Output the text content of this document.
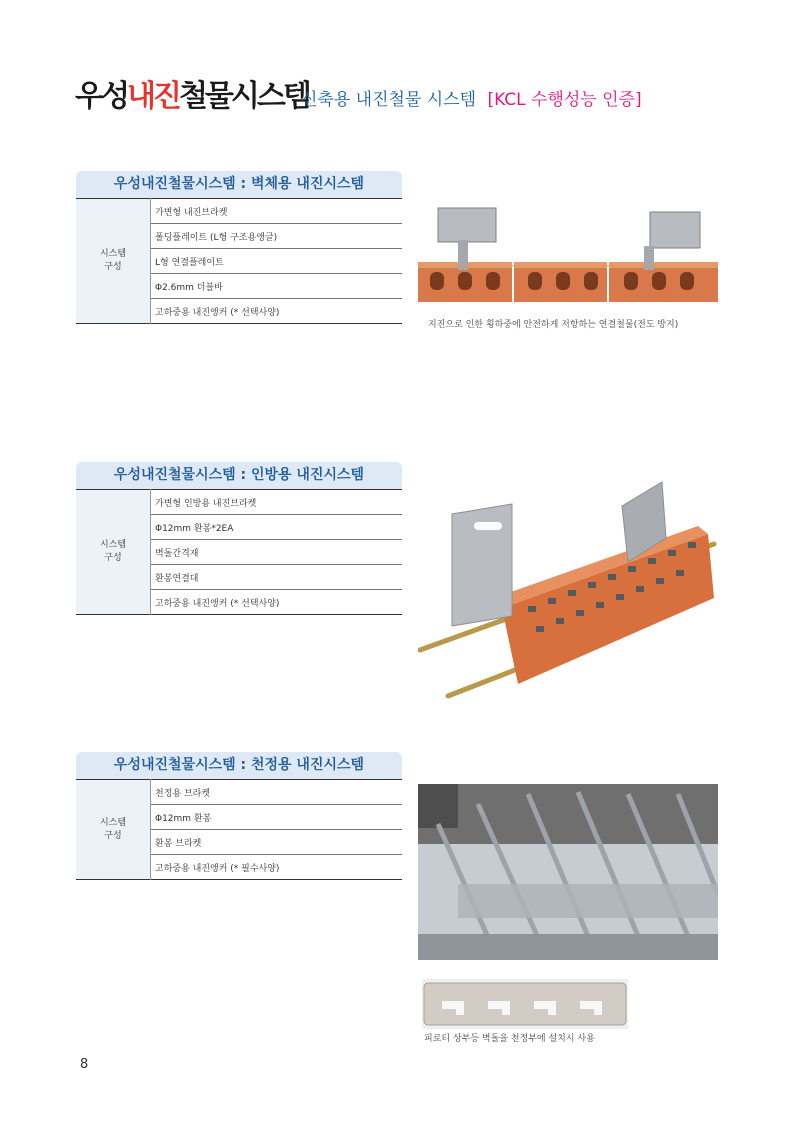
우성내진철물시스템
신축용 내진철물 시스템 [KCL 수행성능 인증]
우성내진철물시스템 : 벽체용 내진시스템
시스템
구성	가변형 내진브라켓
폴딩플레이트 (L형 구조용앵글)
L형 연결플레이트
Φ2.6mm 더블바
고하중용 내진앵커 (* 선택사양)
지진으로 인한 횡하중에 안전하게 저항하는 연결철물(전도 방지)
우성내진철물시스템 : 인방용 내진시스템
시스템
구성	가변형 인방용 내진브라켓
Φ12mm 환봉*2EA
벽돌간격재
환봉연결대
고하중용 내진앵커 (* 선택사양)
우성내진철물시스템 : 천정용 내진시스템
시스템
구성	천정용 브라켓
Φ12mm 환봉
환봉 브라켓
고하중용 내진앵커 (* 필수사양)
피로티 상부등 벽돌을 천정부에 설치시 사용
8
